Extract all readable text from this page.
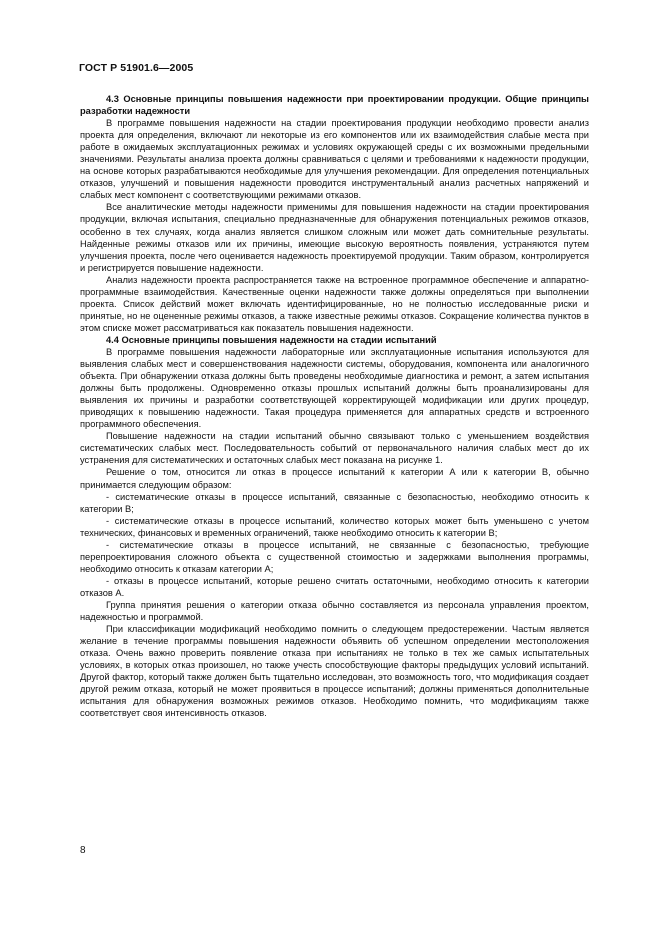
ГОСТ Р 51901.6—2005

4.3 Основные принципы повышения надежности при проектировании продукции. Общие принципы разработки надежности

В программе повышения надежности на стадии проектирования продукции необходимо провести анализ проекта для определения, включают ли некоторые из его компонентов или их взаимодействия слабые места при работе в ожидаемых эксплуатационных режимах и условиях окружающей среды с их возможными предельными значениями. Результаты анализа проекта должны сравниваться с целями и требованиями к надежности продукции, на основе которых разрабатываются необходимые для улучшения рекомендации. Для определения потенциальных отказов, улучшений и повышения надежности проводится инструментальный анализ расчетных напряжений и слабых мест компонент с соответствующими режимами отказов.

Все аналитические методы надежности применимы для повышения надежности на стадии проектирования продукции, включая испытания, специально предназначенные для обнаружения потенциальных режимов отказов, особенно в тех случаях, когда анализ является слишком сложным или может дать сомнительные результаты. Найденные режимы отказов или их причины, имеющие высокую вероятность появления, устраняются путем улучшения проекта, после чего оценивается надежность проектируемой продукции. Таким образом, контролируется и регистрируется повышение надежности.

Анализ надежности проекта распространяется также на встроенное программное обеспечение и аппаратно-программные взаимодействия. Качественные оценки надежности также должны определяться при выполнении проекта. Список действий может включать идентифицированные, но не полностью исследованные риски и принятые, но не оцененные режимы отказов, а также известные режимы отказов. Сокращение количества пунктов в этом списке может рассматриваться как показатель повышения надежности.

4.4 Основные принципы повышения надежности на стадии испытаний

В программе повышения надежности лабораторные или эксплуатационные испытания используются для выявления слабых мест и совершенствования надежности системы, оборудования, компонента или аналогичного объекта. При обнаружении отказа должны быть проведены необходимые диагностика и ремонт, а затем испытания должны быть продолжены. Одновременно отказы прошлых испытаний должны быть проанализированы для выявления их причины и разработки соответствующей корректирующей модификации или других процедур, приводящих к повышению надежности. Такая процедура применяется для аппаратных средств и встроенного программного обеспечения.

Повышение надежности на стадии испытаний обычно связывают только с уменьшением воздействия систематических слабых мест. Последовательность событий от первоначального наличия слабых мест до их устранения для систематических и остаточных слабых мест показана на рисунке 1.

Решение о том, относится ли отказ в процессе испытаний к категории А или к категории В, обычно принимается следующим образом:

- систематические отказы в процессе испытаний, связанные с безопасностью, необходимо относить к категории В;

- систематические отказы в процессе испытаний, количество которых может быть уменьшено с учетом технических, финансовых и временных ограничений, также необходимо относить к категории В;

- систематические отказы в процессе испытаний, не связанные с безопасностью, требующие перепроектирования сложного объекта с существенной стоимостью и задержками выполнения программы, необходимо относить к отказам категории А;

- отказы в процессе испытаний, которые решено считать остаточными, необходимо относить к категории отказов А.

Группа принятия решения о категории отказа обычно составляется из персонала управления проектом, надежностью и программой.

При классификации модификаций необходимо помнить о следующем предостережении. Частым является желание в течение программы повышения надежности объявить об успешном определении местоположения отказа. Очень важно проверить появление отказа при испытаниях не только в тех же самых испытательных условиях, в которых отказ произошел, но также учесть способствующие факторы предыдущих условий испытаний. Другой фактор, который также должен быть тщательно исследован, это возможность того, что модификация создает другой режим отказа, который не может проявиться в процессе испытаний; должны применяться дополнительные испытания для обнаружения возможных режимов отказов. Необходимо помнить, что модификациям также соответствует своя интенсивность отказов.

8
